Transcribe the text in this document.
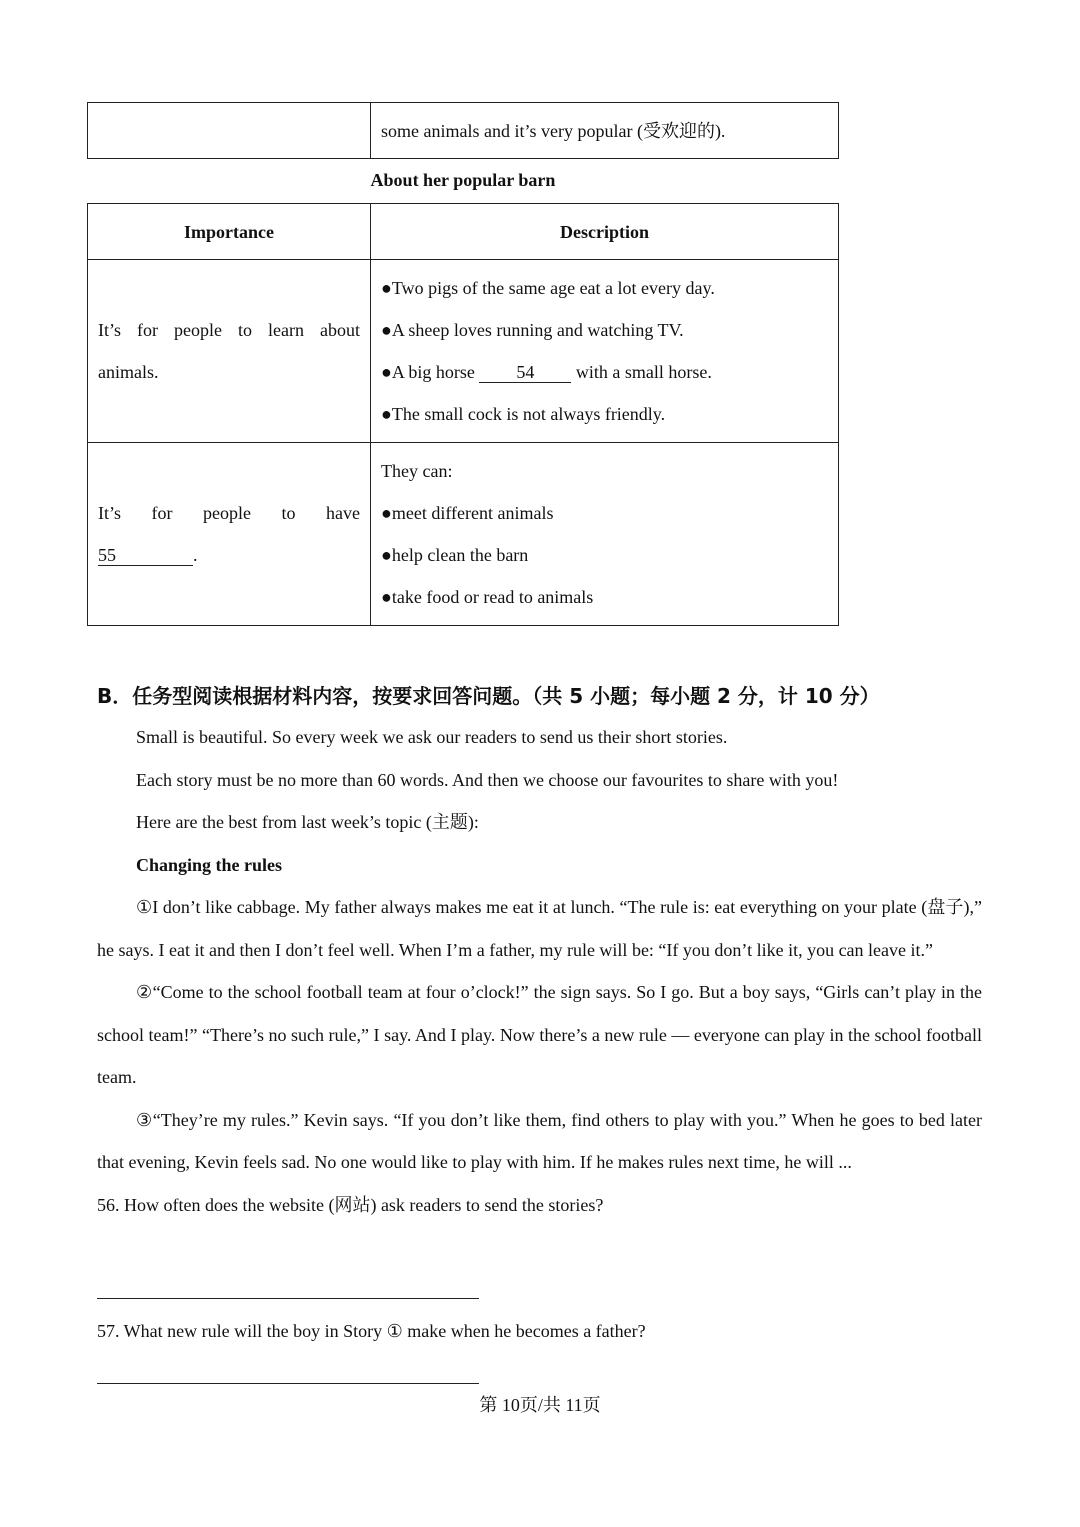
	some animals and it’s very popular (受欢迎的).
About her popular barn
Importance	Description
It’s for people to learn about animals.	●Two pigs of the same age eat a lot every day.
●A sheep loves running and watching TV.
●A big horse 54 with a small horse.
●The small cock is not always friendly.

It’s for people to have
55 .	They can:
●meet different animals
●help clean the barn
●take food or read to animals
B．任务型阅读根据材料内容，按要求回答问题。（共 5 小题；每小题 2 分，计 10 分）
Small is beautiful. So every week we ask our readers to send us their short stories.
Each story must be no more than 60 words. And then we choose our favourites to share with you!
Here are the best from last week’s topic (主题):
Changing the rules
①I don’t like cabbage. My father always makes me eat it at lunch. “The rule is: eat everything on your plate (盘子),” he says. I eat it and then I don’t feel well. When I’m a father, my rule will be: “If you don’t like it, you can leave it.”
②“Come to the school football team at four o’clock!” the sign says. So I go. But a boy says, “Girls can’t play in the school team!” “There’s no such rule,” I say. And I play. Now there’s a new rule — everyone can play in the school football team.
③“They’re my rules.” Kevin says. “If you don’t like them, find others to play with you.” When he goes to bed later that evening, Kevin feels sad. No one would like to play with him. If he makes rules next time, he will ...
56. How often does the website (网站) ask readers to send the stories?
57. What new rule will the boy in Story ① make when he becomes a father?
第 10页/共 11页
